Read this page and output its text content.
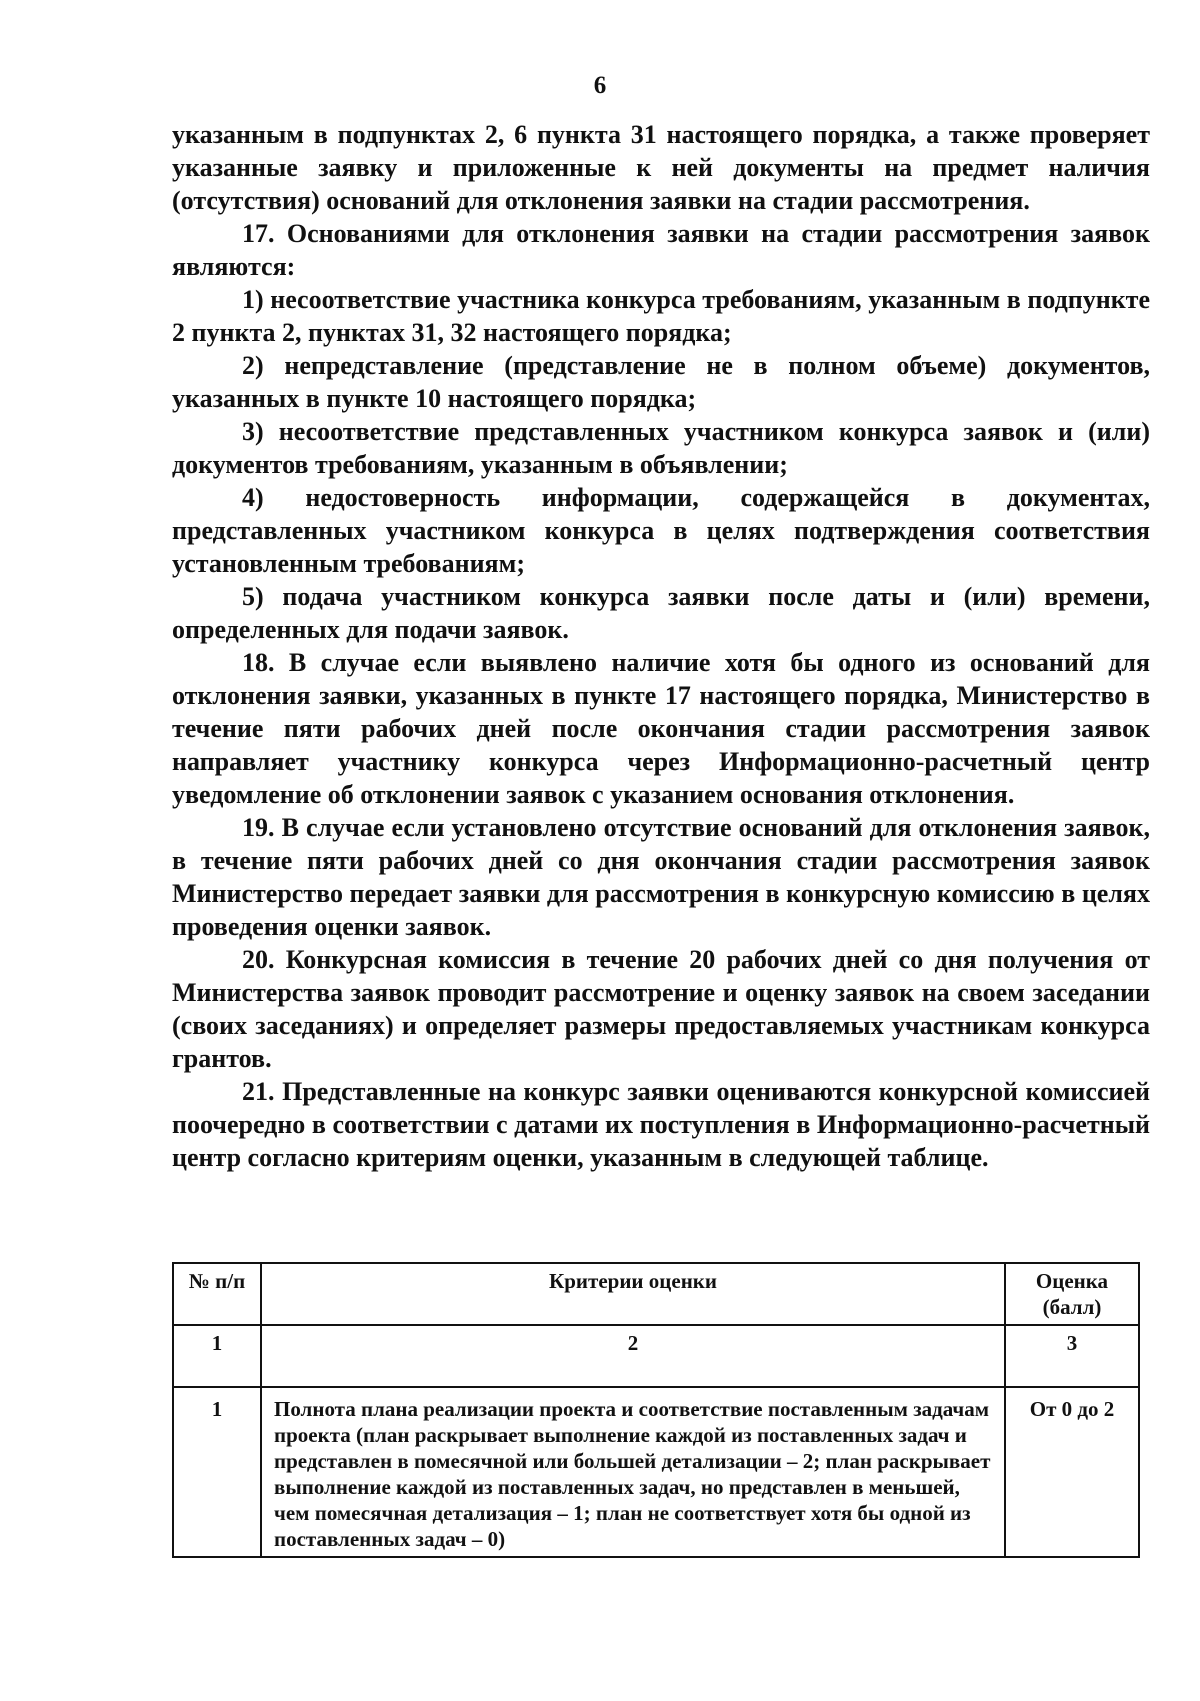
6

указанным в подпунктах 2, 6 пункта 31 настоящего порядка, а также проверяет указанные заявку и приложенные к ней документы на предмет наличия (отсутствия) оснований для отклонения заявки на стадии рассмотрения.

17. Основаниями для отклонения заявки на стадии рассмотрения заявок являются:

1) несоответствие участника конкурса требованиям, указанным в подпункте 2 пункта 2, пунктах 31, 32 настоящего порядка;

2) непредставление (представление не в полном объеме) документов, указанных в пункте 10 настоящего порядка;

3) несоответствие представленных участником конкурса заявок и (или) документов требованиям, указанным в объявлении;

4) недостоверность информации, содержащейся в документах, представленных участником конкурса в целях подтверждения соответствия установленным требованиям;

5) подача участником конкурса заявки после даты и (или) времени, определенных для подачи заявок.

18. В случае если выявлено наличие хотя бы одного из оснований для отклонения заявки, указанных в пункте 17 настоящего порядка, Министерство в течение пяти рабочих дней после окончания стадии рассмотрения заявок направляет участнику конкурса через Информационно-расчетный центр уведомление об отклонении заявок с указанием основания отклонения.

19. В случае если установлено отсутствие оснований для отклонения заявок, в течение пяти рабочих дней со дня окончания стадии рассмотрения заявок Министерство передает заявки для рассмотрения в конкурсную комиссию в целях проведения оценки заявок.

20. Конкурсная комиссия в течение 20 рабочих дней со дня получения от Министерства заявок проводит рассмотрение и оценку заявок на своем заседании (своих заседаниях) и определяет размеры предоставляемых участникам конкурса грантов.

21. Представленные на конкурс заявки оцениваются конкурсной комиссией поочередно в соответствии с датами их поступления в Информационно-расчетный центр согласно критериям оценки, указанным в следующей таблице.

№ п/п	Критерии оценки	Оценка (балл)
1	2	3
1	Полнота плана реализации проекта и соответствие поставленным задачам проекта (план раскрывает выполнение каждой из поставленных задач и представлен в помесячной или большей детализации – 2; план раскрывает выполнение каждой из поставленных задач, но представлен в меньшей, чем помесячная детализация – 1; план не соответствует хотя бы одной из поставленных задач – 0)	От 0 до 2
